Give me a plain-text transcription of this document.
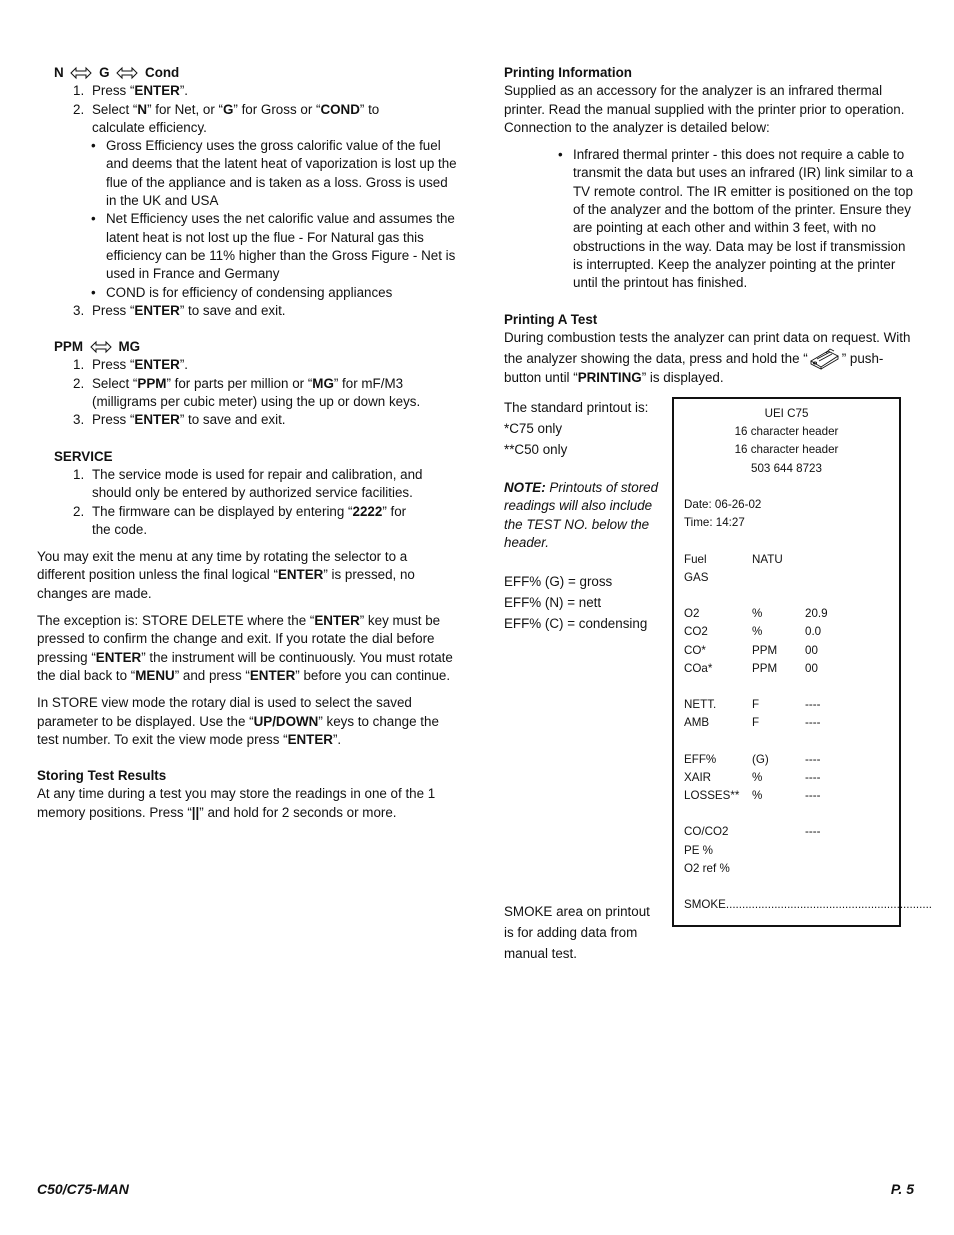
N	G	Cond
1. Press “ENTER”.
2. Select “N” for Net, or “G” for Gross or “COND” to
calculate efficiency.
• Gross Efficiency uses the gross calorific value of the fuel and deems that the latent heat of vaporization is lost up the flue of the appliance and is taken as a loss. Gross is used in the UK and USA
• Net Efficiency uses the net calorific value and assumes the latent heat is not lost up the flue - For Natural gas this efficiency can be 11% higher than the Gross Figure - Net is used in France and Germany
• COND is for efficiency of condensing appliances
3. Press “ENTER” to save and exit.
PPM	MG
1. Press “ENTER”.
2. Select “PPM” for parts per million or “MG” for mF/M3
(milligrams per cubic meter) using the up or down keys.
3. Press “ENTER” to save and exit.
SERVICE
1. The service mode is used for repair and calibration, and should only be entered by authorized service facilities.
2. The firmware can be displayed by entering “2222” for
the code.

You may exit the menu at any time by rotating the selector to a different position unless the final logical “ENTER” is pressed, no changes are made.

The exception is: STORE DELETE where the “ENTER” key must be pressed to confirm the change and exit. If you rotate the dial before pressing “ENTER” the instrument will be continuously. You must rotate the dial back to “MENU” and press “ENTER” before you can continue.

In STORE view mode the rotary dial is used to select the saved parameter to be displayed. Use the “UP/DOWN” keys to change the test number. To exit the view mode press “ENTER”.

Storing Test Results

At any time during a test you may store the readings in one of the 1 memory positions. Press “||” and hold for 2 seconds or more.

Printing Information

Supplied as an accessory for the analyzer is an infrared thermal printer. Read the manual supplied with the printer prior to operation. Connection to the analyzer is detailed below:

• Infrared thermal printer - this does not require a cable to transmit the data but uses an infrared (IR) link similar to a TV remote control. The IR emitter is positioned on the top of the analyzer and the bottom of the printer. Ensure they are pointing at each other and within 3 feet, with no obstructions in the way. Data may be lost if transmission is interrupted. Keep the analyzer pointing at the printer until the printout has finished.
Printing A Test

During combustion tests the analyzer can print data on request. With the analyzer showing the data, press and hold the “	” push-button until “PRINTING” is displayed.

The standard printout is:
*C75 only
**C50 only
NOTE: Printouts of stored readings will also include the TEST NO. below the header.
EFF% (G) = gross
EFF% (N) = nett
EFF% (C) = condensing
SMOKE area on printout is for adding data from manual test.
UEI C75
16 character header
16 character header
503 644 8723
Date: 06-26-02
Time: 14:27
Fuel	NATU
GAS
O2	%	20.9
CO2	%	0.0
CO*	PPM 00
COa*	PPM 00
NETT.	F	----
AMB	F	----
EFF%	(G)	----
XAIR	%	----
LOSSES** %	----
CO/CO2	----
PE %
O2 ref %
SMOKE................................................................
C50/C75-MAN	P. 5
